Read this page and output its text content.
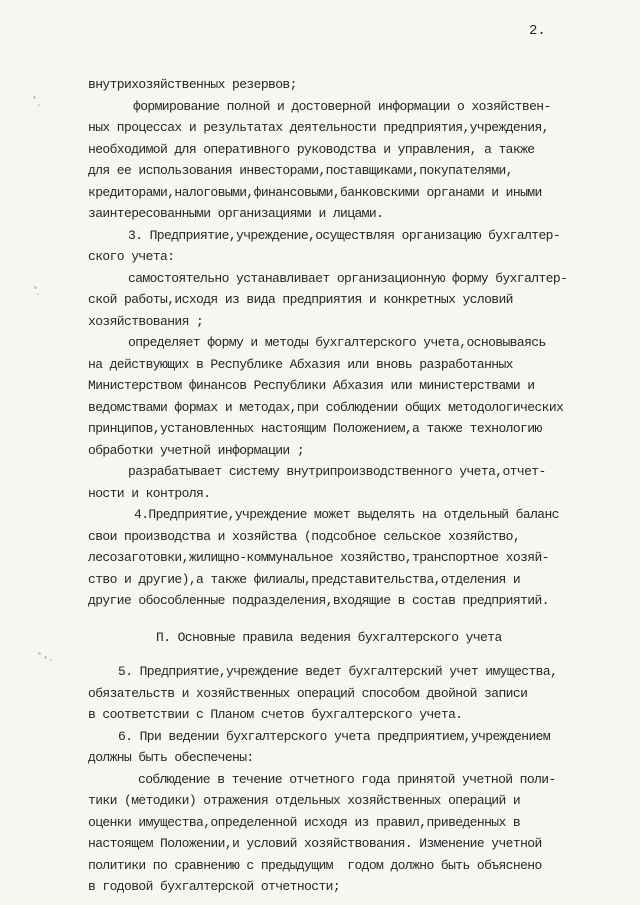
2.

внутрихозяйственных резервов;

формирование полной и достоверной информации о хозяйствен-

ных процессах и результатах деятельности предприятия,учреждения,

необходимой для оперативного руководства и управления, а также

для ее использования инвесторами,поставщиками,покупателями,

кредиторами,налоговыми,финансовыми,банковскими органами и иными

заинтересованными организациями и лицами.

3. Предприятие,учреждение,осуществляя организацию бухгалтер-

ского учета:

самостоятельно устанавливает организационную форму бухгалтер-

ской работы,исходя из вида предприятия и конкретных условий

хозяйствования ;

определяет форму и методы бухгалтерского учета,основываясь

на действующих в Республике Абхазия или вновь разработанных

Министерством финансов Республики Абхазия или министерствами и

ведомствами формах и методах,при соблюдении общих методологических

принципов,установленных настоящим Положением,а также технологию

обработки учетной информации ;

разрабатывает систему внутрипроизводственного учета,отчет-

ности и контроля.

4.Предприятие,учреждение может выделять на отдельный баланс

свои производства и хозяйства (подсобное сельское хозяйство,

лесозаготовки,жилищно-коммунальное хозяйство,транспортное хозяй-

ство и другие),а также филиалы,представительства,отделения и

другие обособленные подразделения,входящие в состав предприятий.

П. Основные правила ведения бухгалтерского учета

5. Предприятие,учреждение ведет бухгалтерский учет имущества,

обязательств и хозяйственных операций способом двойной записи

в соответствии с Планом счетов бухгалтерского учета.

6. При ведении бухгалтерского учета предприятием,учреждением

должны быть обеспечены:

соблюдение в течение отчетного года принятой учетной поли-

тики (методики) отражения отдельных хозяйственных операций и

оценки имущества,определенной исходя из правил,приведенных в

настоящем Положении,и условий хозяйствования. Изменение учетной

политики по сравнению с предыдущим  годом должно быть объяснено

в годовой бухгалтерской отчетности;
